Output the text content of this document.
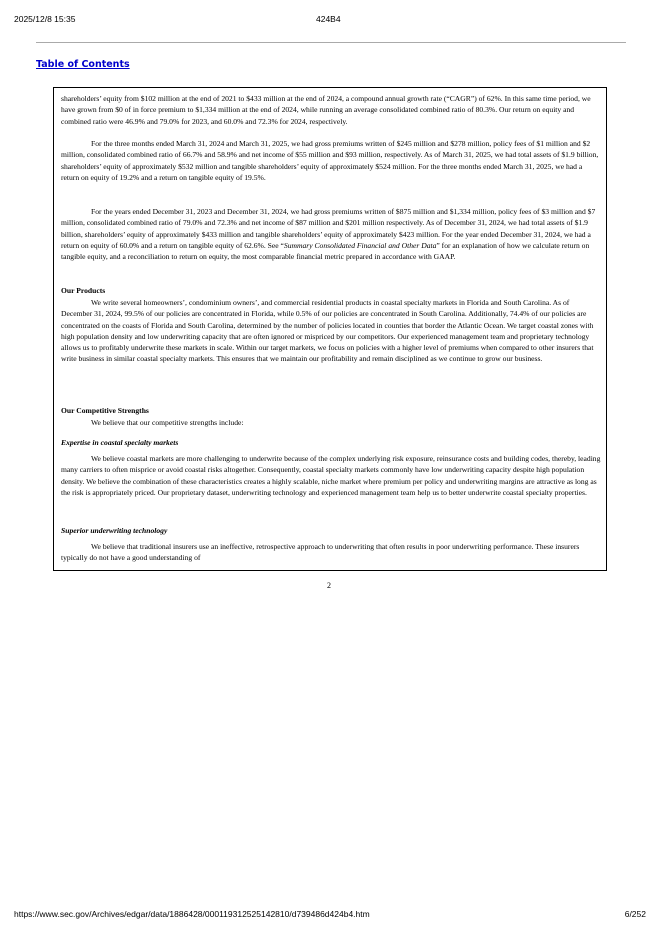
2025/12/8 15:35	424B4
Table of Contents
shareholders’ equity from $102 million at the end of 2021 to $433 million at the end of 2024, a compound annual growth rate (“CAGR”) of 62%. In this same time period, we have grown from $0 of in force premium to $1,334 million at the end of 2024, while running an average consolidated combined ratio of 80.3%. Our return on equity and combined ratio were 46.9% and 79.0% for 2023, and 60.0% and 72.3% for 2024, respectively.
For the three months ended March 31, 2024 and March 31, 2025, we had gross premiums written of $245 million and $278 million, policy fees of $1 million and $2 million, consolidated combined ratio of 66.7% and 58.9% and net income of $55 million and $93 million, respectively. As of March 31, 2025, we had total assets of $1.9 billion, shareholders’ equity of approximately $532 million and tangible shareholders’ equity of approximately $524 million. For the three months ended March 31, 2025, we had a return on equity of 19.2% and a return on tangible equity of 19.5%.
For the years ended December 31, 2023 and December 31, 2024, we had gross premiums written of $875 million and $1,334 million, policy fees of $3 million and $7 million, consolidated combined ratio of 79.0% and 72.3% and net income of $87 million and $201 million respectively. As of December 31, 2024, we had total assets of $1.9 billion, shareholders’ equity of approximately $433 million and tangible shareholders’ equity of approximately $423 million. For the year ended December 31, 2024, we had a return on equity of 60.0% and a return on tangible equity of 62.6%. See “Summary Consolidated Financial and Other Data” for an explanation of how we calculate return on tangible equity, and a reconciliation to return on equity, the most comparable financial metric prepared in accordance with GAAP.
Our Products
We write several homeowners’, condominium owners’, and commercial residential products in coastal specialty markets in Florida and South Carolina. As of December 31, 2024, 99.5% of our policies are concentrated in Florida, while 0.5% of our policies are concentrated in South Carolina. Additionally, 74.4% of our policies are concentrated on the coasts of Florida and South Carolina, determined by the number of policies located in counties that border the Atlantic Ocean. We target coastal zones with high population density and low underwriting capacity that are often ignored or mispriced by our competitors. Our experienced management team and proprietary technology allows us to profitably underwrite these markets in scale. Within our target markets, we focus on policies with a higher level of premiums when compared to other insurers that write business in similar coastal specialty markets. This ensures that we maintain our profitability and remain disciplined as we continue to grow our business.
Our Competitive Strengths
We believe that our competitive strengths include:
Expertise in coastal specialty markets
We believe coastal markets are more challenging to underwrite because of the complex underlying risk exposure, reinsurance costs and building codes, thereby, leading many carriers to often misprice or avoid coastal risks altogether. Consequently, coastal specialty markets commonly have low underwriting capacity despite high population density. We believe the combination of these characteristics creates a highly scalable, niche market where premium per policy and underwriting margins are attractive as long as the risk is appropriately priced. Our proprietary dataset, underwriting technology and experienced management team help us to better underwrite coastal specialty properties.
Superior underwriting technology
We believe that traditional insurers use an ineffective, retrospective approach to underwriting that often results in poor underwriting performance. These insurers typically do not have a good understanding of
2
https://www.sec.gov/Archives/edgar/data/1886428/000119312525142810/d739486d424b4.htm	6/252
